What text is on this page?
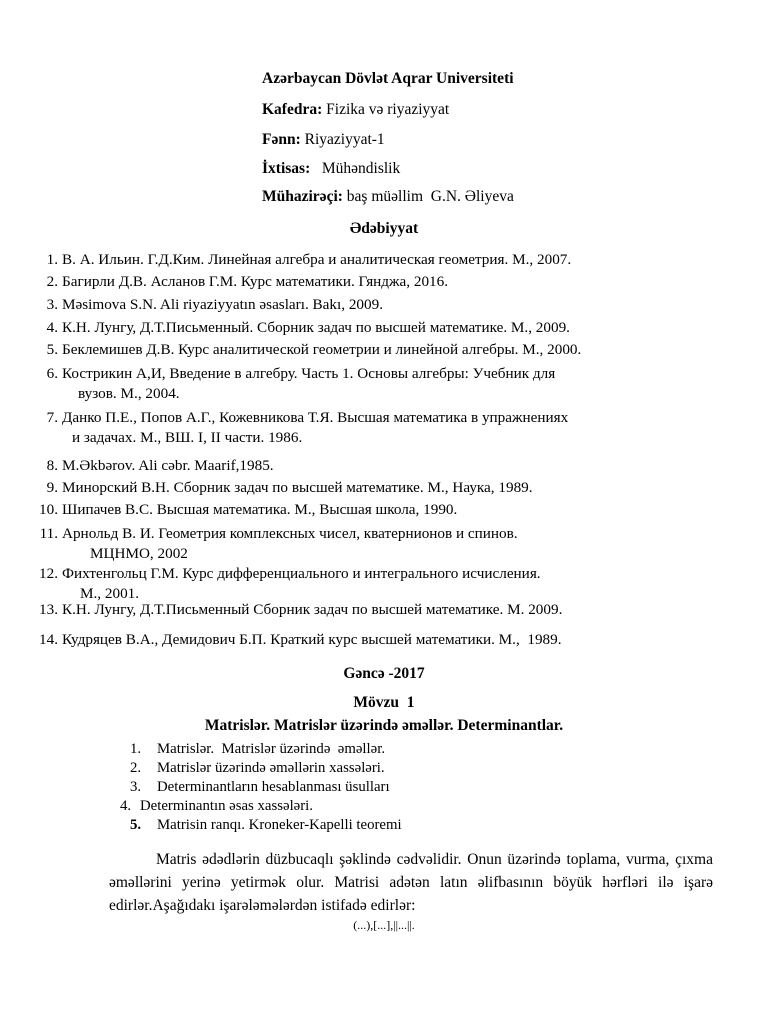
Azərbaycan Dövlət Aqrar Universiteti
Kafedra: Fizika və riyaziyyat
Fənn: Riyaziyyat-1
İxtisas:   Mühəndislik
Mühazirəçi: baş müəllim  G.N. Əliyeva
Ədəbiyyat
1. В. А. Ильин. Г.Д.Ким. Линейная алгебра и аналитическая геометрия. М., 2007.
2. Багирли Д.В. Асланов Г.М. Курс математики. Гянджа, 2016.
3. Məsimova S.N. Ali riyaziyyatın əsasları. Bakı, 2009.
4. К.Н. Лунгу, Д.Т.Письменный. Сборник задач по высшей математике. М., 2009.
5. Беклемишев Д.В. Курс аналитической геометрии и линейной алгебры. М., 2000.
6. Кострикин А,И, Введение в алгебру. Часть 1. Основы алгебры: Учебник для
вузов. М., 2004.
7. Данко П.Е., Попов А.Г., Кожевникова Т.Я. Высшая математика в упражнениях
и задачах. М., ВШ. I, II части. 1986.
8. M.Əkbərov. Ali cəbr. Maarif,1985.
9. Минорский В.Н. Сборник задач по высшей математике. М., Наука, 1989.
10. Шипачев В.С. Высшая математика. М., Высшая школа, 1990.
11. Арнольд В. И. Геометрия комплексных чисел, кватернионов и спинов.
МЦНМО, 2002
12. Фихтенгольц Г.М. Курс дифференциального и интегрального исчисления.
М., 2001.
13. К.Н. Лунгу, Д.Т.Письменный Сборник задач по высшей математике. М. 2009.
14. Кудряцев В.А., Демидович Б.П. Краткий курс высшей математики. М.,  1989.
Gəncə -2017
Mövzu  1
Matrislər. Matrislər üzərində əməllər. Determinantlar.
1. Matrislər.  Matrislər üzərində  əməllər.
2. Matrislər üzərində əməllərin xassələri.
3. Determinantların hesablanması üsulları
4. Determinantın əsas xassələri.
5. Matrisin ranqı. Kroneker-Kapelli teoremi
Matris ədədlərin düzbucaqlı şəklində cədvəlidir. Onun üzərində toplama, vurma, çıxma əməllərini yerinə yetirmək olur. Matrisi adətən latın əlifbasının böyük hərfləri ilə işarə edirlər.Aşağıdakı işarələmələrdən istifadə edirlər:
(...),[...],||...||.
